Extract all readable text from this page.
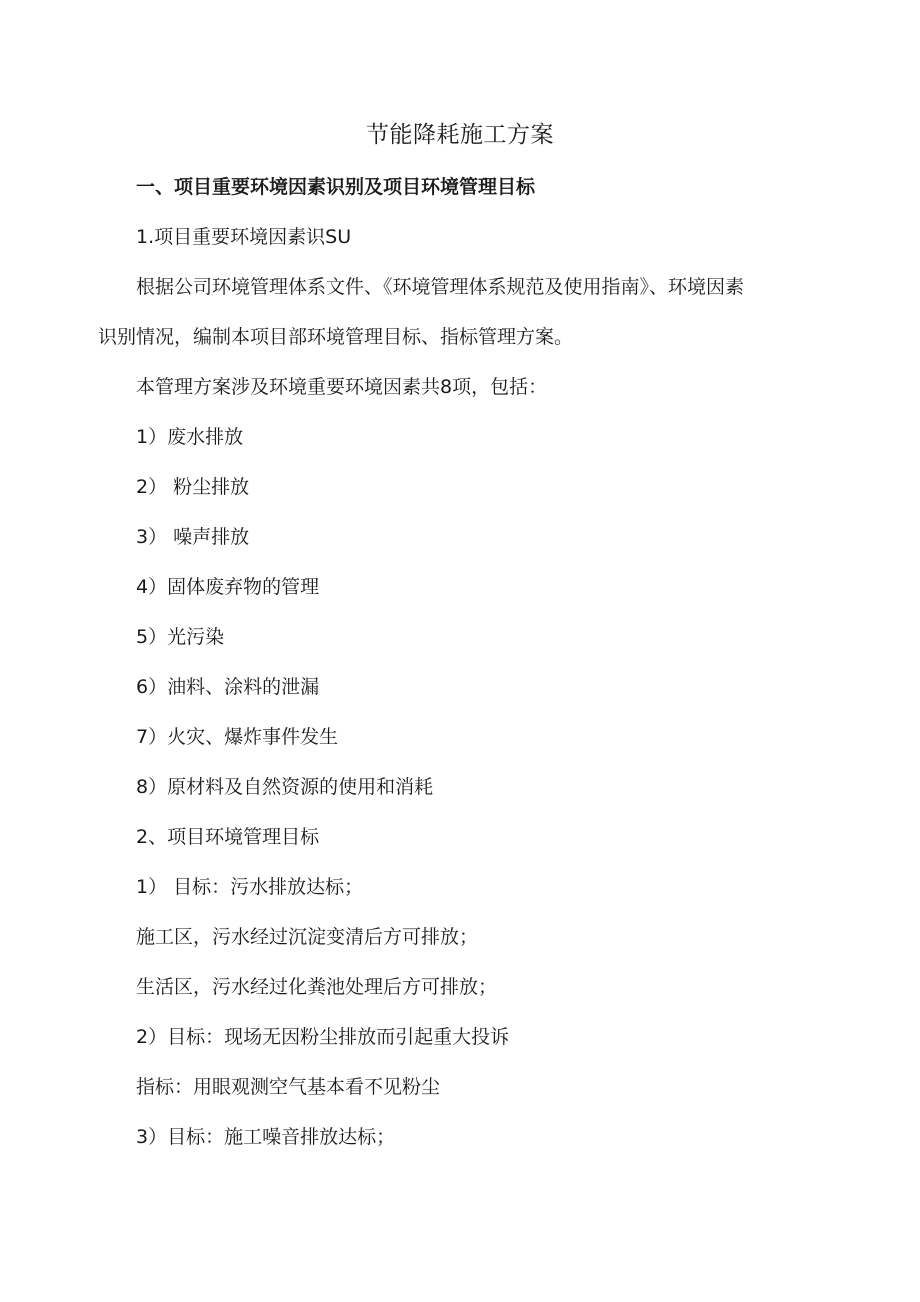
节能降耗施工方案

一、项目重要环境因素识别及项目环境管理目标

1.项目重要环境因素识SU

根据公司环境管理体系文件、《环境管理体系规范及使用指南》、环境因素

识别情况，编制本项目部环境管理目标、指标管理方案。

本管理方案涉及环境重要环境因素共8项，包括：

1）废水排放

2） 粉尘排放

3） 噪声排放

4）固体废弃物的管理

5）光污染

6）油料、涂料的泄漏

7）火灾、爆炸事件发生

8）原材料及自然资源的使用和消耗

2、项目环境管理目标

1） 目标：污水排放达标；

施工区，污水经过沉淀变清后方可排放；

生活区，污水经过化粪池处理后方可排放；

2）目标：现场无因粉尘排放而引起重大投诉

指标：用眼观测空气基本看不见粉尘

3）目标：施工噪音排放达标；
